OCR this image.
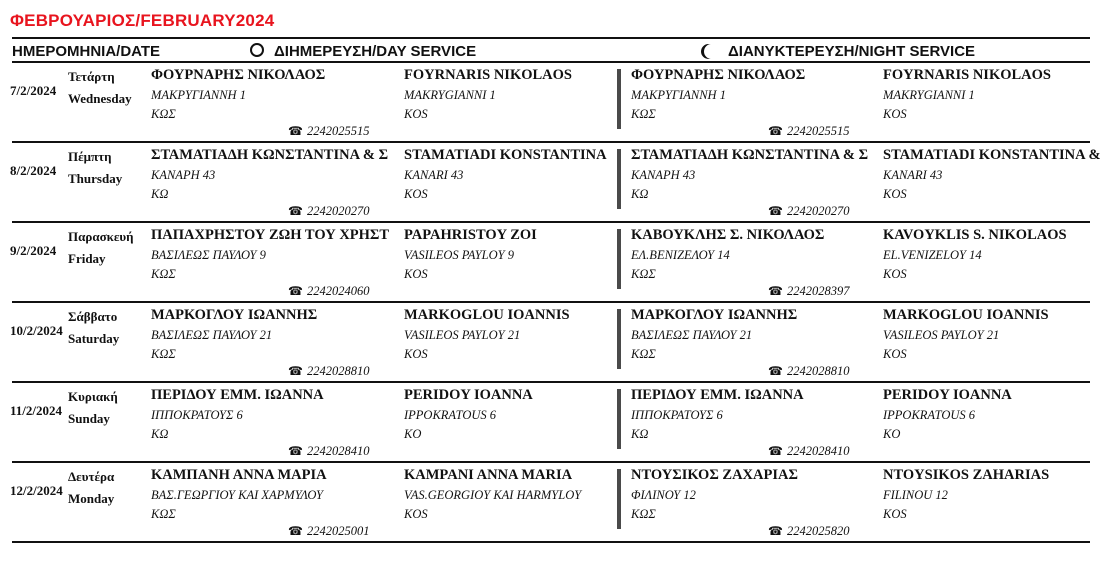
ΦΕΒΡΟΥΑΡΙΟΣ/FEBRUARY2024
ΗΜΕΡΟΜΗΝΙΑ/DATE	ΔΙΗΜΕΡΕΥΣΗ/DAY SERVICE	ΔΙΑΝΥΚΤΕΡΕΥΣΗ/NIGHT SERVICE
7/2/2024
Τετάρτη
Wednesday
ΦΟΥΡΝΑΡΗΣ ΝΙΚΟΛΑΟΣ
ΜΑΚΡΥΓΙΑΝΝΗ 1
ΚΩΣ
FOYRNARIS NIKOLAOS
MAKRYGIANNI 1
KOS
☎ 2242025515
ΦΟΥΡΝΑΡΗΣ ΝΙΚΟΛΑΟΣ
ΜΑΚΡΥΓΙΑΝΝΗ 1
ΚΩΣ
FOYRNARIS NIKOLAOS
MAKRYGIANNI 1
KOS
☎ 2242025515
8/2/2024
Πέμπτη
Thursday
ΣΤΑΜΑΤΙΑΔΗ ΚΩΝΣΤΑΝΤΙΝΑ & Σ
ΚΑΝΑΡΗ 43
ΚΩ
STAMATIADI KONSTANTINA
KANARI 43
KOS
☎ 2242020270
ΣΤΑΜΑΤΙΑΔΗ ΚΩΝΣΤΑΝΤΙΝΑ & Σ
ΚΑΝΑΡΗ 43
ΚΩ
STAMATIADI KONSTANTINA &
KANARI 43
KOS
☎ 2242020270
9/2/2024
Παρασκευή
Friday
ΠΑΠΑΧΡΗΣΤΟΥ ΖΩΗ ΤΟΥ ΧΡΗΣΤ
ΒΑΣΙΛΕΩΣ ΠΑΥΛΟΥ 9
ΚΩΣ
PAPAHRISTOY ZOI
VASILEOS PAYLOY 9
KOS
☎ 2242024060
ΚΑΒΟΥΚΛΗΣ Σ. ΝΙΚΟΛΑΟΣ
ΕΛ.ΒΕΝΙΖΕΛΟΥ 14
ΚΩΣ
KAVOYKLIS S. NIKOLAOS
EL.VENIZELOY 14
KOS
☎ 2242028397
10/2/2024
Σάββατο
Saturday
ΜΑΡΚΟΓΛΟΥ ΙΩΑΝΝΗΣ
ΒΑΣΙΛΕΩΣ ΠΑΥΛΟΥ 21
ΚΩΣ
MARKOGLOU IOANNIS
VASILEOS PAYLOY 21
KOS
☎ 2242028810
ΜΑΡΚΟΓΛΟΥ ΙΩΑΝΝΗΣ
ΒΑΣΙΛΕΩΣ ΠΑΥΛΟΥ 21
ΚΩΣ
MARKOGLOU IOANNIS
VASILEOS PAYLOY 21
KOS
☎ 2242028810
11/2/2024
Κυριακή
Sunday
ΠΕΡΙΔΟΥ ΕΜΜ. ΙΩΑΝΝΑ
ΙΠΠΟΚΡΑΤΟΥΣ 6
ΚΩ
PERIDOY IOANNA
IPPOKRATOUS 6
KO
☎ 2242028410
ΠΕΡΙΔΟΥ ΕΜΜ. ΙΩΑΝΝΑ
ΙΠΠΟΚΡΑΤΟΥΣ 6
ΚΩ
PERIDOY IOANNA
IPPOKRATOUS 6
KO
☎ 2242028410
12/2/2024
Δευτέρα
Monday
ΚΑΜΠΑΝΗ ΑΝΝΑ ΜΑΡΙΑ
ΒΑΣ.ΓΕΩΡΓΙΟΥ ΚΑΙ ΧΑΡΜΥΛΟΥ
ΚΩΣ
KAMPANI ANNA MARIA
VAS.GEORGIOY KAI HARMYLOY
KOS
☎ 2242025001
ΝΤΟΥΣΙΚΟΣ ΖΑΧΑΡΙΑΣ
ΦΙΛΙΝΟΥ 12
ΚΩΣ
NTOYSIKOS ZAHARIAS
FILINOU 12
KOS
☎ 2242025820
